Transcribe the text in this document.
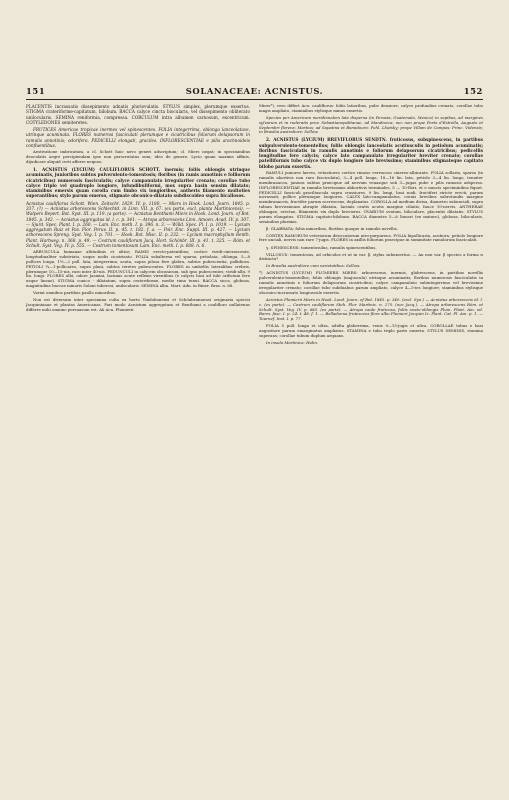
151	SOLANACEAE: ACNISTUS.	152

PLACENTIS incrassatis dissepimento adnatis pluriovulatis. STYLUS simplex, plerumque exsertus. STIGMA crateriforme-capitatum, bilobum. BACCA calyce cincta biocularis, vel dissepimento obliterato unilocularis. SEMINA reniformia, compressa. CORCULUM intra albumen carnosum, excentricum. COTYLEDONES semiteretes.

FRUTICES Americae tropicae inermes vel spinescentes. FOLIA integerrima, oblonga lanceolatave, utrinque acuminata. FLORES numerosi fasciculati plerumque e cicatricibus foliorum delapsorum in ramulis annotinis; odorifera. PEDICELLI elongati, graciles. INFLORESCENTIAE e pilis arachnoideis confluentibus.

Aestivatione imbricatum, a cl. Schott huic novo generi adscriptum; cl. Miers negat; in speciminibus deoculatis aegre percipiendam ipse non perscrutatus sum; ideo de genere, Lycio quam maxime affinis, dijudicare aliquid certi afferre nequeo.

1. ACNISTUS (LYCIUM) CAULIFLORUS SCHOTT. inermis; foliis oblongis utrinque acuminatis, junioribus subtus pulverulento-tomentosis; floribus (in ramis annotinis e folliorum cicatricibus) numerosis fasciculatis; calyce campanulato irregulariter crenato; corollae tubo calyce triplo vel quadruplo longiore, infundibuliformi, mox supra basin sensim dilatato; staminibus emersis quam corolla cum limbo vix longioribus, antheris filamento multoties superantibus; stylo parum emerso, stigmate obconico-dilatato subdiscoideo supra bicallosos.

Acnistus cauliflorus Schott. Wien. Zeitschr. 1829. IV. p. 1180. — Miers in Hook. Lond. Journ. 1845. p. 337. (?) — Acnistus arborescens Schlechtd. in Linn. VII. p. 67. (ex parte, excl. planta Martinicensi). — Walpers Repert. Bot. Syst. III. p. 119. (a parte). — Acnistus Benthami Miers in Hook. Lond. Journ. of Bot. 1845. p. 342. — Acnistus aggregatus id. l. c. p. 341. — Atropa arborescens Linn. Amoen. Acad. IV. p. 307. — Sjurd. Spec. Plant. I. p. 260. — Lam. Enc. meth. I. p. 396. n. 3. — Willd. Spec. Pl. I. p. 1019. — Lycium aggregatum Ruiz et Pav. Flor. Peruv. II. p. 45. t. 182. f. a. — Poir. Enc. Suppl. III. p. 427. — Lycium arborescens Spreng. Syst. Veg. I. p. 701. — Hook. Bot. Misc. II. p. 232. — Lycium macrophyllum Benth. Plant. Hartweg. n. 368. p. 49. — Cestrum cauliflorum Jacq. Hort. Schönbr. III. p. 41. t. 325. — Röm. et Schult. Syst. Veg. IV. p. 555. — Cestrum tomentosum Lam. Enc. meth. I. p. 688. n. 6.

ARBUSCULA humanae altitudinis et altior; RAMIS erecto-patentibus; cortice viridi-cinerascente, longitudinaliter substriato, usque nodis cicatrisato. FOLIA subalterna vel sparsa, petiolata, oblonga, 5—8 pollices longa, 1½—2 poll. lata, integerrima, acuta, supra pilosa fere glabra, subtus pubescentia, pallidiora. PETIOLI ¼—1-pollicares, supra plani, subtus teretes pubescentes. FLORES in umbellis lateralibus crebris, plerumque 10—15-nis, raro inter 40-nis. PEDUNCULI in calycem obconicum, sub ipso pubescentes; viridi-albi, 9 lin. longi. FLORES albi, odore Jasmini, lacinias acute reflexis virentibus (e calycis basi ad tubi orificium fere usque lineae). STIGMA conico - dilatatum, supra crateriforme, medio rima tenui. BACCA sicca, globosa, magnitudine baccae minoris Solani tuberosi, unilocularis. SEMINA alba. Mart. Adn. in Biner. Bras. n. 68.

Variat omnibus partibus paullo minoribus.

Non est diversum inter specimina culta ex horto Vindobonensi et Schönbrunnensi originaria speciei Jacquinianae et plantas Americanas. Pari modo Acnistum aggregatum et Benthami a caulifloro nullatenus differre mihi omnino persuasum est. Ab Acn. Plumierii

Miers*), vero differt Acn. cauliflorus: foliis latioribus, pube densiore, calyce profundius crenato, corollae tubo magis ampliato, staminibus stylisque minus exsertis.

Species per Americam meridionalem late dispersa (in Peruvia, Guatemala, Mexico) in sepibus, ad margines sylvarum et in ruderatis prov. Sebastianopolitanae, ad Mandiocca, nec non prope Porto d'Estrella, Augusto et Septembri florens: Martius; ad Sapatina et Bamidouro: Pohl. Lhotsky; prope Villam de Campos: Princ. Vidensis; in Brasilia australiore: Sellow.

2. ACNISTUS (LYCIUM) BREVIFLORUS SENDTN. fruticosus, subspinescens, in partibus subpulverulento-tomentellus; foliis oblongis lanceolatis acutiusculis in petiolum acuminatis; floribus fasciculatis in ramulis annotinis e foliorum delapsorum cicatricibus; pedicellis longitudine fere calycis; calyce lato campanulato irregulariter breviter crenato; corollae patelliformis tubo calyce vix duplo longiore late brevissimo; staminibus stigmateque capitato bilobo parum exsertis.

RAMULI juniores laeves, vetustiores cortice rimoso verrucoso cinereo-albicante. FOLIA sollaria, sparsa (in ramulis abortivis non raro fasciculata), 3—4 poll. longa, 18—16 lin. lata, petiolo 3—4 lin. longo, tenuiter membranacea, juniora subtus praecipue ad nervum venasque sub 3—jugas pube e pilis ramosis adspersa. INFLORESCENTIAE in ramulis brevissimis abbortivis terminales, 5 — 10-flori, et e nuncis speciminibus fiquet. PEDICELLI fasciculi graciliuscula supra crassiores, 9 lin. longi, basi nudi, fructiferi stricte erecti, parum incrassati, pollice plerumque longiores. CALYX lato-campanulatus, crenis brevibus subrotundis margine membranaceis, fructifer parum accrescens, deplanatus. COROLLA ad medium divisa, diametro subunciali, supra tubum brevissimum abrupte dilatata, laciniis ovatis acutis margine ciliatis, fauce 10-nervis. ANTHERAE oblongae, erectae, filamentis vix duplo breviores. OVARIUM ovatum, biloculare, placentis dilatatis. STYLUS parum elongatus. STIGMA capitato-bilobum. BACCA diametro 5—6 lineari (ex maturo), globosa, bilocularis, seminibus plurimis.

β. GLABRATA: foliis minoribus, floribus quoque in ramulis novellis.

CORTEX RAMORUM veteriorum desiccatorum atro-purpureus. FOLIA bipollicaria, acutiora, petiolo longiore fere unciali, nervis non rare 7-jugis. FLORES in axillis foliorum praecipue in summitate ramulorum fasciculati.

γ. SPINESCENS: tomentosulus, ramulis spinescentibus.

VILLOSUS: tomentosus, ad orbiculos et ut in var. β, stylus subexsertus. — An non var. β species a forma α distincta?

In Brasilia australiore cum varietatibus: Sellow.

*) ACNISTUS (LYCIUM) PLUMIERII MIERS: arborescens, inermis, glabrescens, in partibus novellis pulverulento-tomentellus; foliis oblongis (majuscula) utrinque acuminatis; floribus numerosis fasciculatis in ramulis annotinis e foliorum delapsorum cicatricibus; calyce campanulato subintegerrimo vel brevissime irregulariter crenato; corollae tubo subduabus parum ampliato, calyce 4—5-ies longiore; staminibus stylisque obconico-incrassato longiuscule exsertis.

Acnistus Plumierii Miers in Hook. Lond. Journ. of Bot. 1845. p. 340. (excl. Syn.) — Acnistus arborescens id. l. c. (ex parte). — Cestrum cauliflorum Steh. Flor. Martinic. n. 275. (nec Jacq.). — Atropa arborescens Röm. et Schult. Syst. Veg. IV. p. 685. (ex parte). — Atropa caule fruticoso, foliis ovato-oblongis Plum. Plant. Am. ed. Burm. fasc. I. p. 24. t. 48. f. 1. — Belladonna frutescens flore albo Plumieri Jacquin Ic. Plant. Cat. Pl. Am. p. 1. — Tournef. Inst. I. p. 77.

FOLIA 5 poll. longa et ultra, adulta glaberrima, venis 9—15-jugis et ultra. COROLLAE tubus e basi angustiore parum emarginatus ampliatus. STAMINA e tubo triplo parte exserta. STYLUS SEMINIS, stamina superans; corollae tubum duplum aequans.

In insula Martinica: Hahn.
